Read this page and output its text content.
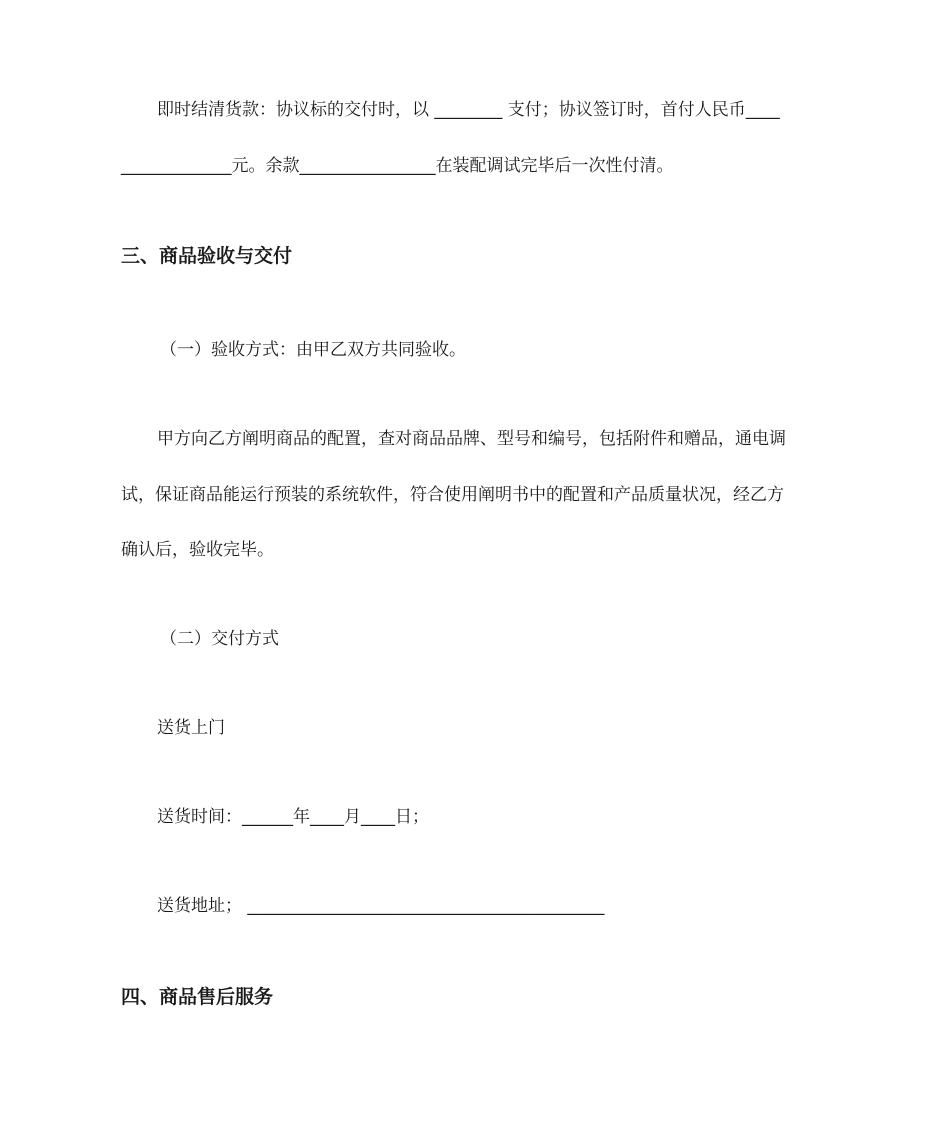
即时结清货款：协议标的交付时，以 ________ 支付；协议签订时，首付人民币____
_____________元。余款________________在装配调试完毕后一次性付清。
三、商品验收与交付
（一）验收方式：由甲乙双方共同验收。
甲方向乙方阐明商品的配置，查对商品品牌、型号和编号，包括附件和赠品，通电调
试，保证商品能运行预装的系统软件，符合使用阐明书中的配置和产品质量状况，经乙方
确认后，验收完毕。
（二）交付方式
送货上门
送货时间：______年____月____日；
送货地址； __________________________________________
四、商品售后服务
